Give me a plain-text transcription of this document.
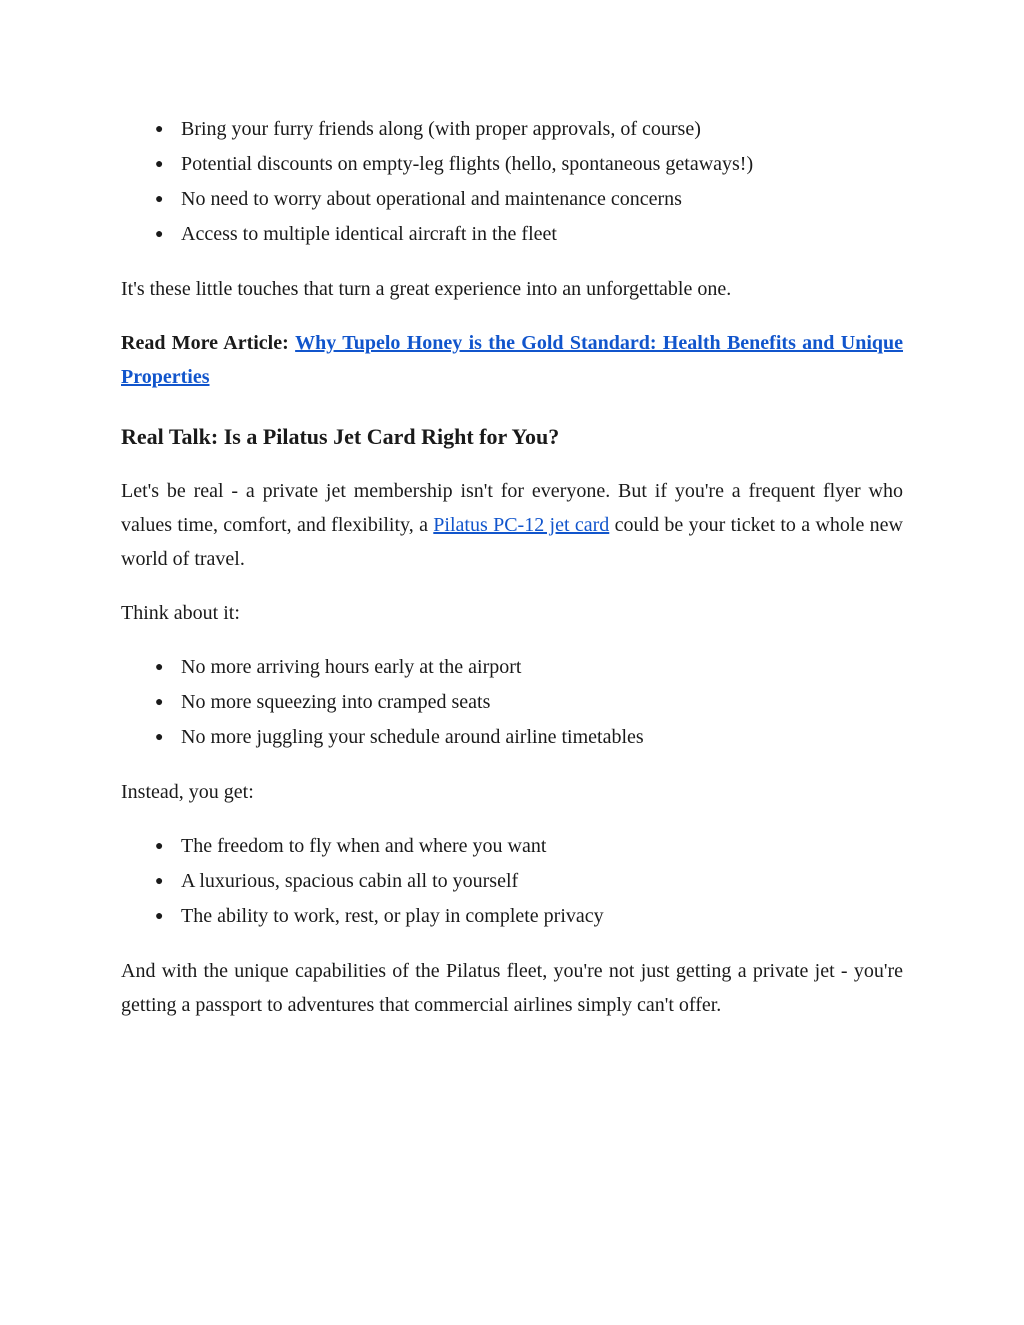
● Bring your furry friends along (with proper approvals, of course)
● Potential discounts on empty-leg flights (hello, spontaneous getaways!)
● No need to worry about operational and maintenance concerns
● Access to multiple identical aircraft in the fleet

It's these little touches that turn a great experience into an unforgettable one.

Read More Article: Why Tupelo Honey is the Gold Standard: Health Benefits and Unique Properties

Real Talk: Is a Pilatus Jet Card Right for You?

Let's be real - a private jet membership isn't for everyone. But if you're a frequent flyer who values time, comfort, and flexibility, a Pilatus PC-12 jet card could be your ticket to a whole new world of travel.

Think about it:

● No more arriving hours early at the airport
● No more squeezing into cramped seats
● No more juggling your schedule around airline timetables

Instead, you get:

● The freedom to fly when and where you want
● A luxurious, spacious cabin all to yourself
● The ability to work, rest, or play in complete privacy

And with the unique capabilities of the Pilatus fleet, you're not just getting a private jet - you're getting a passport to adventures that commercial airlines simply can't offer.
